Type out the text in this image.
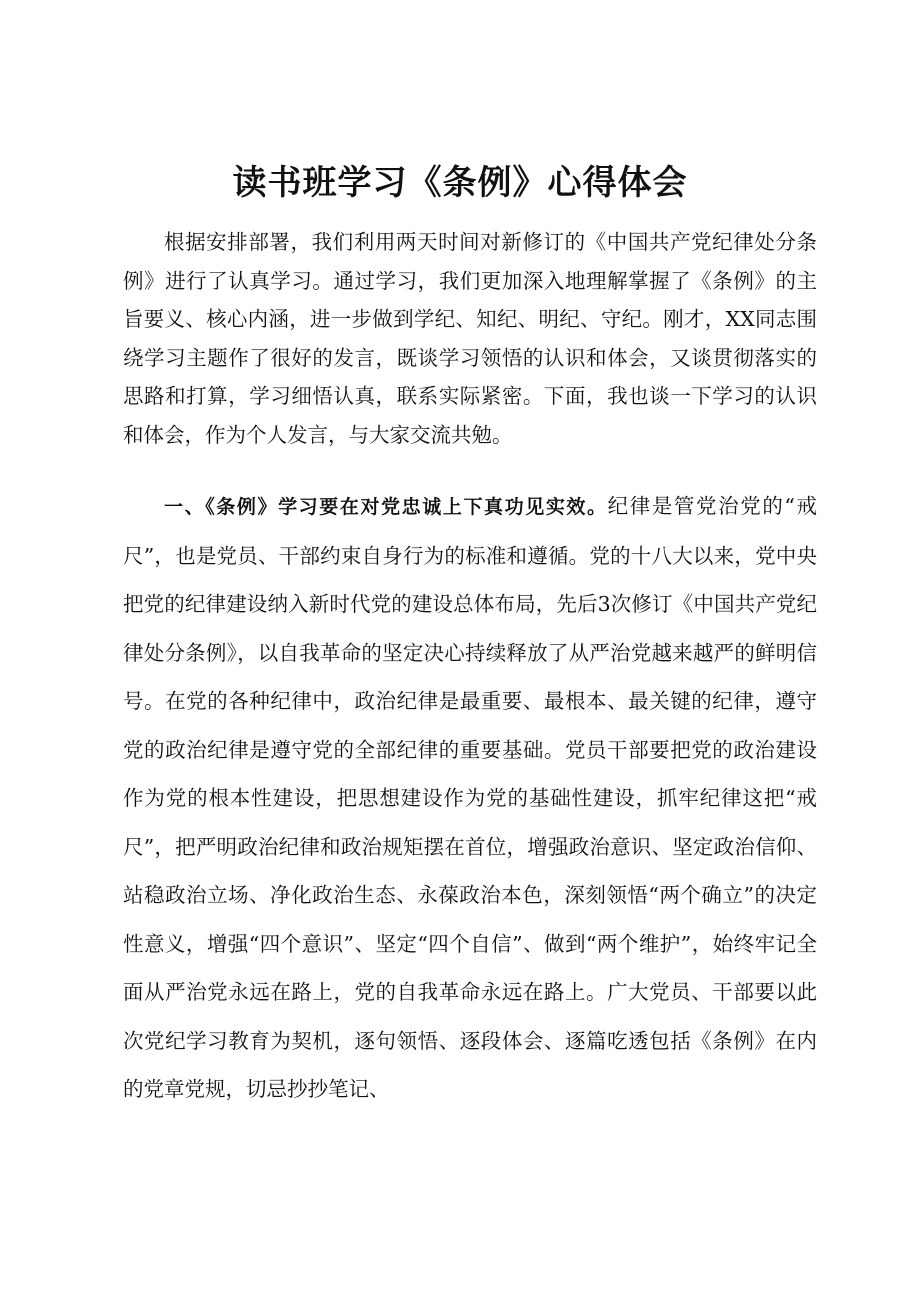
读书班学习《条例》心得体会

根据安排部署，我们利用两天时间对新修订的《中国共产党纪律处分条例》进行了认真学习。通过学习，我们更加深入地理解掌握了《条例》的主旨要义、核心内涵，进一步做到学纪、知纪、明纪、守纪。刚才，XX同志围绕学习主题作了很好的发言，既谈学习领悟的认识和体会，又谈贯彻落实的思路和打算，学习细悟认真，联系实际紧密。下面，我也谈一下学习的认识和体会，作为个人发言，与大家交流共勉。

一、《条例》学习要在对党忠诚上下真功见实效。纪律是管党治党的“戒尺”，也是党员、干部约束自身行为的标准和遵循。党的十八大以来，党中央把党的纪律建设纳入新时代党的建设总体布局，先后3次修订《中国共产党纪律处分条例》，以自我革命的坚定决心持续释放了从严治党越来越严的鲜明信号。在党的各种纪律中，政治纪律是最重要、最根本、最关键的纪律，遵守党的政治纪律是遵守党的全部纪律的重要基础。党员干部要把党的政治建设作为党的根本性建设，把思想建设作为党的基础性建设，抓牢纪律这把“戒尺”，把严明政治纪律和政治规矩摆在首位，增强政治意识、坚定政治信仰、站稳政治立场、净化政治生态、永葆政治本色，深刻领悟“两个确立”的决定性意义，增强“四个意识”、坚定“四个自信”、做到“两个维护”，始终牢记全面从严治党永远在路上，党的自我革命永远在路上。广大党员、干部要以此次党纪学习教育为契机，逐句领悟、逐段体会、逐篇吃透包括《条例》在内的党章党规，切忌抄抄笔记、
